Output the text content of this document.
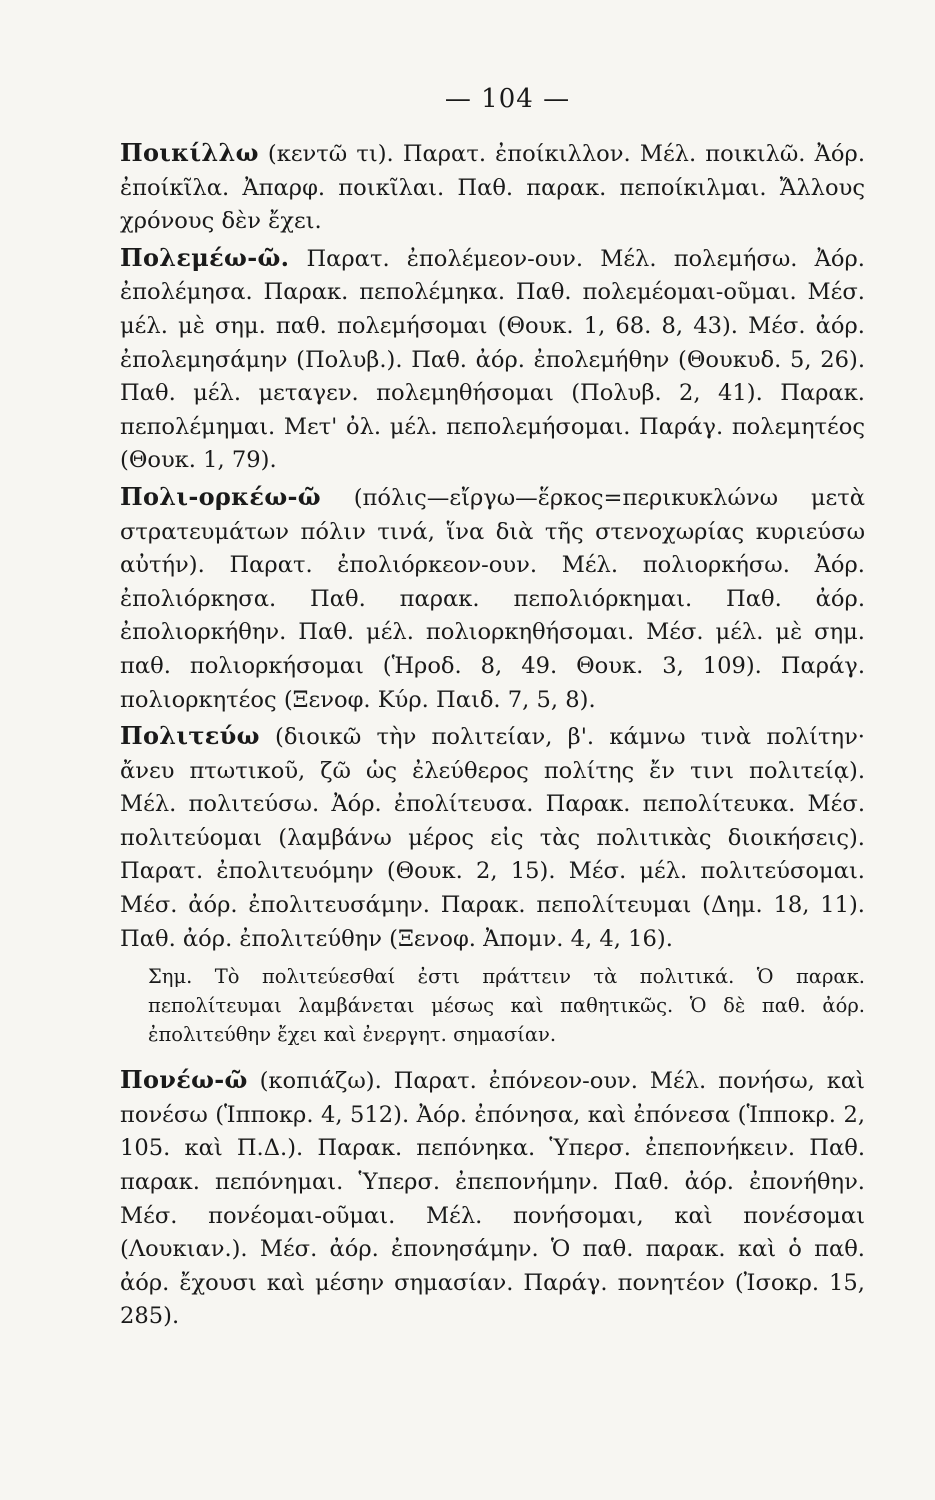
— 104 —

Ποικίλλω (κεντῶ τι). Παρατ. ἐποίκιλλον. Μέλ. ποικιλῶ. Ἀόρ. ἐποίκῖλα. Ἀπαρφ. ποικῖλαι. Παθ. παρακ. πεποίκιλμαι. Ἄλλους χρόνους δὲν ἔχει.

Πολεμέω-ῶ. Παρατ. ἐπολέμεον-ουν. Μέλ. πολεμήσω. Ἀόρ. ἐπολέμησα. Παρακ. πεπολέμηκα. Παθ. πολεμέομαι-οῦμαι. Μέσ. μέλ. μὲ σημ. παθ. πολεμήσομαι (Θουκ. 1, 68. 8, 43). Μέσ. ἀόρ. ἐπολεμησάμην (Πολυβ.). Παθ. ἀόρ. ἐπολεμήθην (Θουκυδ. 5, 26). Παθ. μέλ. μεταγεν. πολεμηθήσομαι (Πολυβ. 2, 41). Παρακ. πεπολέμημαι. Μετ' ὀλ. μέλ. πεπολεμήσομαι. Παράγ. πολεμητέος (Θουκ. 1, 79).

Πολι-ορκέω-ῶ (πόλις—εἴργω—ἕρκος=περικυκλώνω μετὰ στρατευμάτων πόλιν τινά, ἵνα διὰ τῆς στενοχωρίας κυριεύσω αὐτήν). Παρατ. ἐπολιόρκεον-ουν. Μέλ. πολιορκήσω. Ἀόρ. ἐπολιόρκησα. Παθ. παρακ. πεπολιόρκημαι. Παθ. ἀόρ. ἐπολιορκήθην. Παθ. μέλ. πολιορκηθήσομαι. Μέσ. μέλ. μὲ σημ. παθ. πολιορκήσομαι (Ἡροδ. 8, 49. Θουκ. 3, 109). Παράγ. πολιορκητέος (Ξενοφ. Κύρ. Παιδ. 7, 5, 8).

Πολιτεύω (διοικῶ τὴν πολιτείαν, β'. κάμνω τινὰ πολίτην· ἄνευ πτωτικοῦ, ζῶ ὡς ἐλεύθερος πολίτης ἔν τινι πολιτείᾳ). Μέλ. πολιτεύσω. Ἀόρ. ἐπολίτευσα. Παρακ. πεπολίτευκα. Μέσ. πολιτεύομαι (λαμβάνω μέρος εἰς τὰς πολιτικὰς διοικήσεις). Παρατ. ἐπολιτευόμην (Θουκ. 2, 15). Μέσ. μέλ. πολιτεύσομαι. Μέσ. ἀόρ. ἐπολιτευσάμην. Παρακ. πεπολίτευμαι (Δημ. 18, 11). Παθ. ἀόρ. ἐπολιτεύθην (Ξενοφ. Ἀπομν. 4, 4, 16).

Σημ. Τὸ πολιτεύεσθαί ἐστι πράττειν τὰ πολιτικά. Ὁ παρακ. πεπολίτευμαι λαμβάνεται μέσως καὶ παθητικῶς. Ὁ δὲ παθ. ἀόρ. ἐπολιτεύθην ἔχει καὶ ἐνεργητ. σημασίαν.

Πονέω-ῶ (κοπιάζω). Παρατ. ἐπόνεον-ουν. Μέλ. πονήσω, καὶ πονέσω (Ἱπποκρ. 4, 512). Ἀόρ. ἐπόνησα, καὶ ἐπόνεσα (Ἱπποκρ. 2, 105. καὶ Π.Δ.). Παρακ. πεπόνηκα. Ὑπερσ. ἐπεπονήκειν. Παθ. παρακ. πεπόνημαι. Ὑπερσ. ἐπεπονήμην. Παθ. ἀόρ. ἐπονήθην. Μέσ. πονέομαι-οῦμαι. Μέλ. πονήσομαι, καὶ πονέσομαι (Λουκιαν.). Μέσ. ἀόρ. ἐπονησάμην. Ὁ παθ. παρακ. καὶ ὁ παθ. ἀόρ. ἔχουσι καὶ μέσην σημασίαν. Παράγ. πονητέον (Ἰσοκρ. 15, 285).
